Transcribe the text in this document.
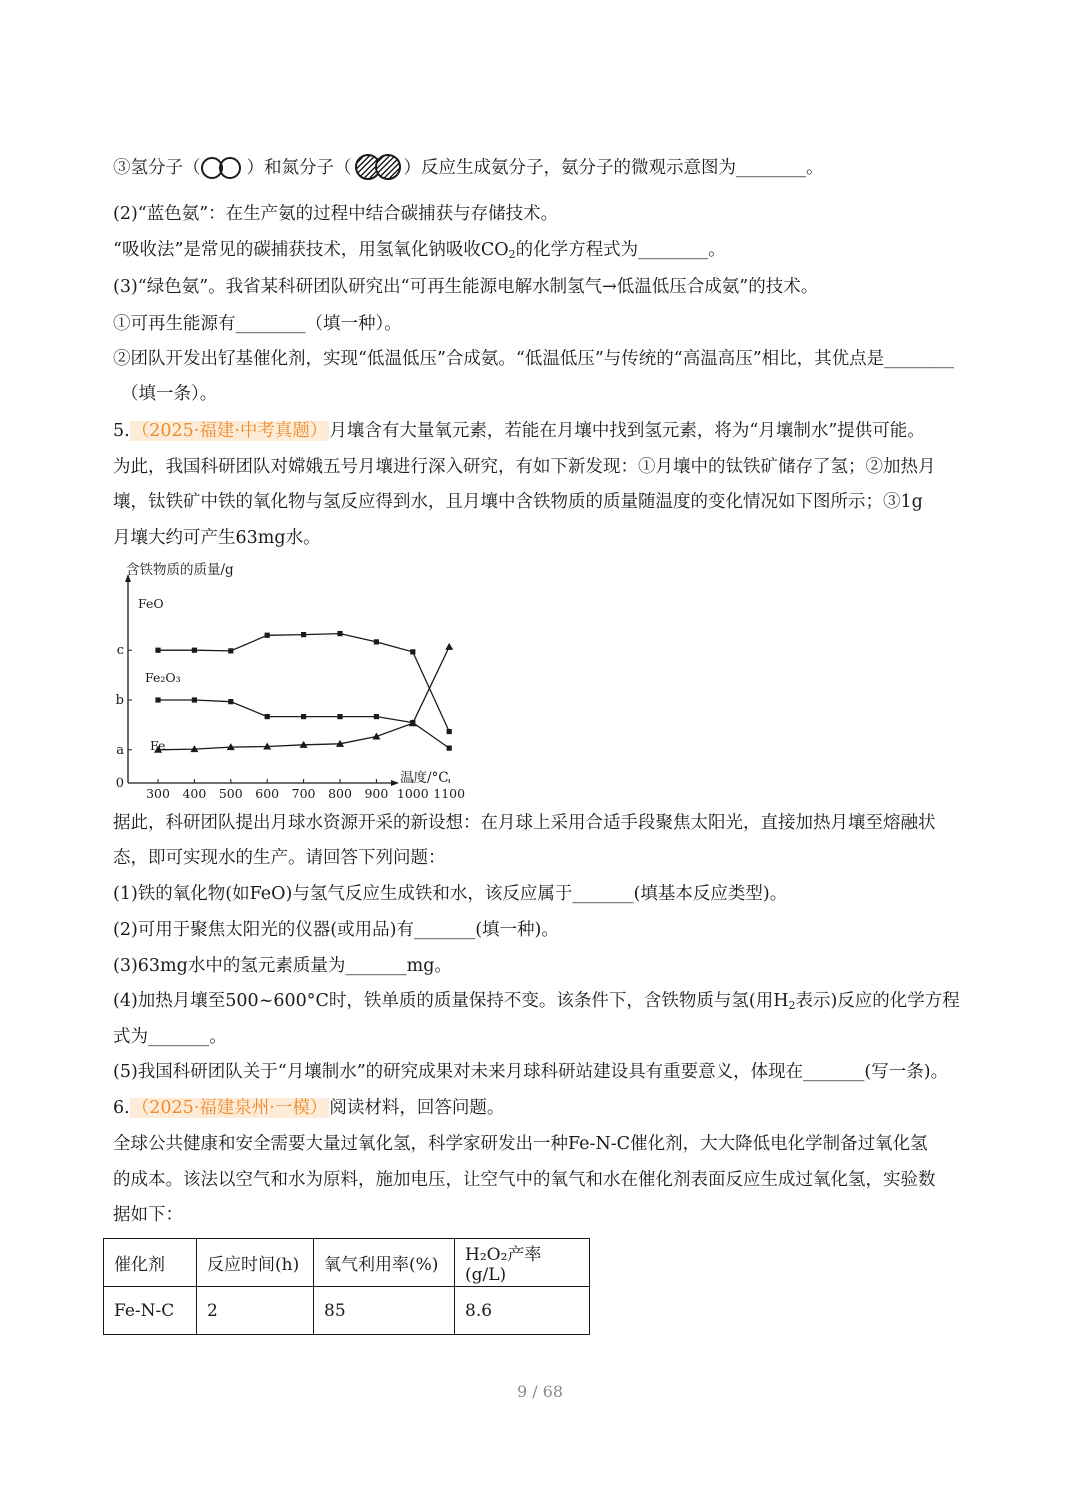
③氢分子（	）和氮分子（	）反应生成氨分子，氨分子的微观示意图为________。
(2)“蓝色氨”：在生产氨的过程中结合碳捕获与存储技术。
“吸收法”是常见的碳捕获技术，用氢氧化钠吸收$CO_2$的化学方程式为________。
(3)“绿色氨”。我省某科研团队研究出“可再生能源电解水制氢气→低温低压合成氨”的技术。
①可再生能源有________（填一种）。
②团队开发出钌基催化剂，实现“低温低压”合成氨。“低温低压”与传统的“高温高压”相比，其优点是________
（填一条）。
5. （2025·福建·中考真题） 月壤含有大量氧元素，若能在月壤中找到氢元素，将为“月壤制水”提供可能。
为此，我国科研团队对嫦娥五号月壤进行深入研究，有如下新发现：①月壤中的钛铁矿储存了氢；②加热月
壤，钛铁矿中铁的氧化物与氢反应得到水，且月壤中含铁物质的质量随温度的变化情况如下图所示；③1g
月壤大约可产生63mg水。
含铁物质的质量/g
温度/°C
0
a
b
c
300 400 500 600 700 800 900 1000 1100
FeO
Fe₂O₃
Fe
据此，科研团队提出月球水资源开采的新设想：在月球上采用合适手段聚焦太阳光，直接加热月壤至熔融状
态，即可实现水的生产。请回答下列问题：
(1)铁的氧化物(如FeO)与氢气反应生成铁和水，该反应属于_______(填基本反应类型)。
(2)可用于聚焦太阳光的仪器(或用品)有_______(填一种)。
(3)63mg水中的氢元素质量为_______mg。
(4)加热月壤至500~600°C时，铁单质的质量保持不变。该条件下，含铁物质与氢(用$H_2$表示)反应的化学方程
式为_______。
(5)我国科研团队关于“月壤制水”的研究成果对未来月球科研站建设具有重要意义，体现在_______(写一条)。
6. （2025·福建泉州·一模） 阅读材料，回答问题。
全球公共健康和安全需要大量过氧化氢，科学家研发出一种Fe-N-C催化剂，大大降低电化学制备过氧化氢
的成本。该法以空气和水为原料，施加电压，让空气中的氧气和水在催化剂表面反应生成过氧化氢，实验数
据如下：
催化剂	反应时间(h)	氧气利用率(%)	H₂O₂产率(g/L)
Fe-N-C	2	85	8.6
9 / 68
